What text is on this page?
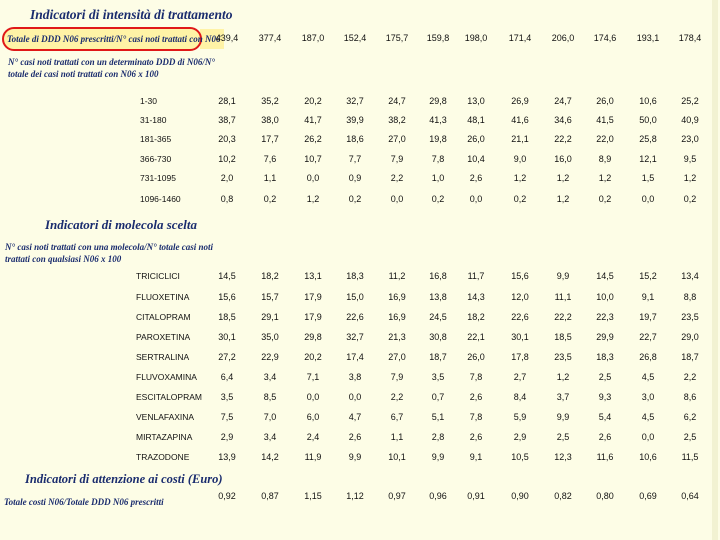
Indicatori di intensità di trattamento
Totale di DDD N06 prescritti/N° casi noti trattati con N06
439,4	377,4	187,0	152,4	175,7	159,8	198,0	171,4	206,0	174,6	193,1	178,4
N° casi noti trattati con un determinato DDD di N06/N°
totale dei casi noti trattati con N06 x 100
1-30	28,1	35,2	20,2	32,7	24,7	29,8	13,0	26,9	24,7	26,0	10,6	25,2
31-180	38,7	38,0	41,7	39,9	38,2	41,3	48,1	41,6	34,6	41,5	50,0	40,9
181-365	20,3	17,7	26,2	18,6	27,0	19,8	26,0	21,1	22,2	22,0	25,8	23,0
366-730	10,2	7,6	10,7	7,7	7,9	7,8	10,4	9,0	16,0	8,9	12,1	9,5
731-1095	2,0	1,1	0,0	0,9	2,2	1,0	2,6	1,2	1,2	1,2	1,5	1,2
1096-1460	0,8	0,2	1,2	0,2	0,0	0,2	0,0	0,2	1,2	0,2	0,0	0,2
Indicatori di molecola scelta
N° casi noti trattati con una molecola/N° totale casi noti
trattati con qualsiasi N06 x 100
TRICICLICI	14,5	18,2	13,1	18,3	11,2	16,8	11,7	15,6	9,9	14,5	15,2	13,4
FLUOXETINA	15,6	15,7	17,9	15,0	16,9	13,8	14,3	12,0	11,1	10,0	9,1	8,8
CITALOPRAM	18,5	29,1	17,9	22,6	16,9	24,5	18,2	22,6	22,2	22,3	19,7	23,5
PAROXETINA	30,1	35,0	29,8	32,7	21,3	30,8	22,1	30,1	18,5	29,9	22,7	29,0
SERTRALINA	27,2	22,9	20,2	17,4	27,0	18,7	26,0	17,8	23,5	18,3	26,8	18,7
FLUVOXAMINA	6,4	3,4	7,1	3,8	7,9	3,5	7,8	2,7	1,2	2,5	4,5	2,2
ESCITALOPRAM	3,5	8,5	0,0	0,0	2,2	0,7	2,6	8,4	3,7	9,3	3,0	8,6
VENLAFAXINA	7,5	7,0	6,0	4,7	6,7	5,1	7,8	5,9	9,9	5,4	4,5	6,2
MIRTAZAPINA	2,9	3,4	2,4	2,6	1,1	2,8	2,6	2,9	2,5	2,6	0,0	2,5
TRAZODONE	13,9	14,2	11,9	9,9	10,1	9,9	9,1	10,5	12,3	11,6	10,6	11,5
Indicatori di attenzione ai costi (Euro)
Totale costi N06/Totale DDD N06 prescritti
0,92	0,87	1,15	1,12	0,97	0,96	0,91	0,90	0,82	0,80	0,69	0,64
